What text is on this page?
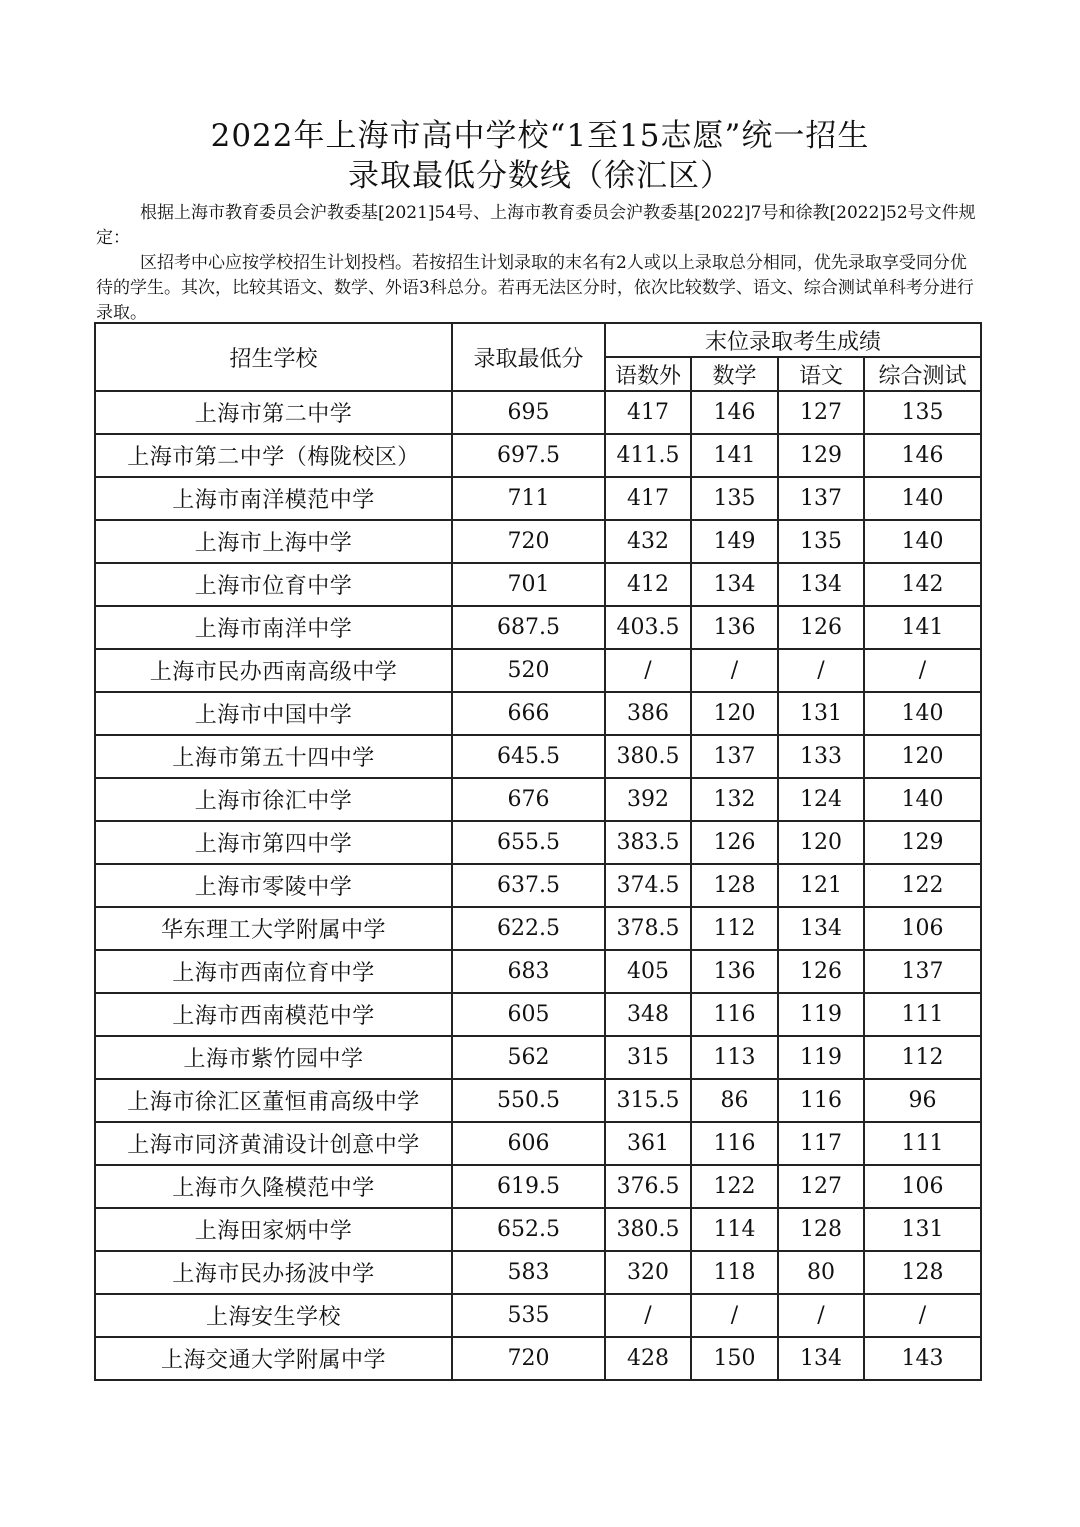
2022年上海市高中学校“1至15志愿”统一招生
录取最低分数线（徐汇区）

根据上海市教育委员会沪教委基[2021]54号、上海市教育委员会沪教委基[2022]7号和徐教[2022]52号文件规定：

区招考中心应按学校招生计划投档。若按招生计划录取的末名有2人或以上录取总分相同，优先录取享受同分优待的学生。其次，比较其语文、数学、外语3科总分。若再无法区分时，依次比较数学、语文、综合测试单科考分进行录取。

招生学校	录取最低分	末位录取考生成绩			
		语数外	数学	语文	综合测试
上海市第二中学	695	417	146	127	135
上海市第二中学（梅陇校区）	697.5	411.5	141	129	146
上海市南洋模范中学	711	417	135	137	140
上海市上海中学	720	432	149	135	140
上海市位育中学	701	412	134	134	142
上海市南洋中学	687.5	403.5	136	126	141
上海市民办西南高级中学	520	/	/	/	/
上海市中国中学	666	386	120	131	140
上海市第五十四中学	645.5	380.5	137	133	120
上海市徐汇中学	676	392	132	124	140
上海市第四中学	655.5	383.5	126	120	129
上海市零陵中学	637.5	374.5	128	121	122
华东理工大学附属中学	622.5	378.5	112	134	106
上海市西南位育中学	683	405	136	126	137
上海市西南模范中学	605	348	116	119	111
上海市紫竹园中学	562	315	113	119	112
上海市徐汇区董恒甫高级中学	550.5	315.5	86	116	96
上海市同济黄浦设计创意中学	606	361	116	117	111
上海市久隆模范中学	619.5	376.5	122	127	106
上海田家炳中学	652.5	380.5	114	128	131
上海市民办扬波中学	583	320	118	80	128
上海安生学校	535	/	/	/	/
上海交通大学附属中学	720	428	150	134	143
